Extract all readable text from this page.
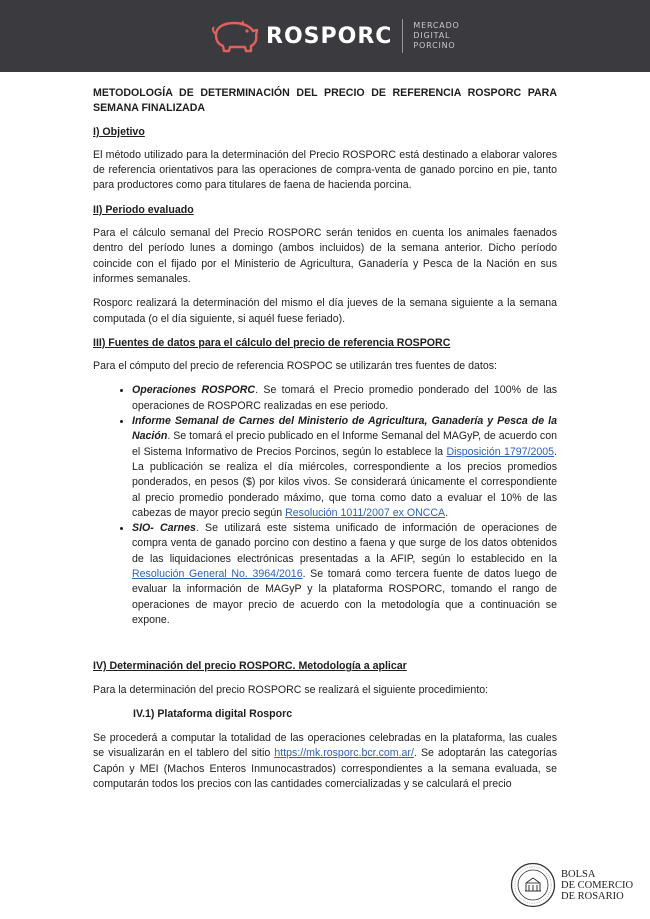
ROSPORC	MERCADO
DIGITAL
PORCINO
METODOLOGÍA DE DETERMINACIÓN DEL PRECIO DE REFERENCIA ROSPORC PARA SEMANA FINALIZADA
I) Objetivo

El método utilizado para la determinación del Precio ROSPORC está destinado a elaborar valores de referencia orientativos para las operaciones de compra-venta de ganado porcino en pie, tanto para productores como para titulares de faena de hacienda porcina.

II) Periodo evaluado

Para el cálculo semanal del Precio ROSPORC serán tenidos en cuenta los animales faenados dentro del período lunes a domingo (ambos incluidos) de la semana anterior. Dicho período coincide con el fijado por el Ministerio de Agricultura, Ganadería y Pesca de la Nación en sus informes semanales.

Rosporc realizará la determinación del mismo el día jueves de la semana siguiente a la semana computada (o el día siguiente, si aquél fuese feriado).

III) Fuentes de datos para el cálculo del precio de referencia ROSPORC

Para el cómputo del precio de referencia ROSPOC se utilizarán tres fuentes de datos:

• Operaciones ROSPORC. Se tomará el Precio promedio ponderado del 100% de las operaciones de ROSPORC realizadas en ese periodo.
• Informe Semanal de Carnes del Ministerio de Agricultura, Ganadería y Pesca de la Nación. Se tomará el precio publicado en el Informe Semanal del MAGyP, de acuerdo con el Sistema Informativo de Precios Porcinos, según lo establece la Disposición 1797/2005. La publicación se realiza el día miércoles, correspondiente a los precios promedios ponderados, en pesos ($) por kilos vivos. Se considerará únicamente el correspondiente al precio promedio ponderado máximo, que toma como dato a evaluar el 10% de las cabezas de mayor precio según Resolución 1011/2007 ex ONCCA.
• SIO- Carnes. Se utilizará este sistema unificado de información de operaciones de compra venta de ganado porcino con destino a faena y que surge de los datos obtenidos de las liquidaciones electrónicas presentadas a la AFIP, según lo establecido en la Resolución General No. 3964/2016. Se tomará como tercera fuente de datos luego de evaluar la información de MAGyP y la plataforma ROSPORC, tomando el rango de operaciones de mayor precio de acuerdo con la metodología que a continuación se expone.
IV) Determinación del precio ROSPORC. Metodología a aplicar

Para la determinación del precio ROSPORC se realizará el siguiente procedimiento:

IV.1) Plataforma digital Rosporc

Se procederá a computar la totalidad de las operaciones celebradas en la plataforma, las cuales se visualizarán en el tablero del sitio https://mk.rosporc.bcr.com.ar/. Se adoptarán las categorías Capón y MEI (Machos Enteros Inmunocastrados) correspondientes a la semana evaluada, se computarán todos los precios con las cantidades comercializadas y se calculará el precio

BOLSA
DE COMERCIO
DE ROSARIO
